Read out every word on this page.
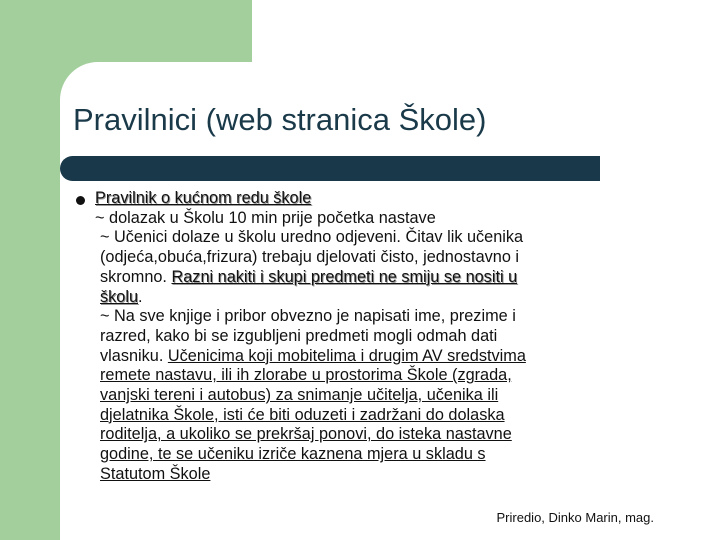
Pravilnici (web stranica Škole)
Pravilnik o kućnom redu škole
~ dolazak u Školu 10 min prije početka nastave
~ Učenici dolaze u školu uredno odjeveni. Čitav lik učenika
(odjeća,obuća,frizura) trebaju djelovati čisto, jednostavno i
skromno. Razni nakiti i skupi predmeti ne smiju se nositi u
školu.
~ Na sve knjige i pribor obvezno je napisati ime, prezime i
razred, kako bi se izgubljeni predmeti mogli odmah dati
vlasniku. Učenicima koji mobitelima i drugim AV sredstvima
remete nastavu, ili ih zlorabe u prostorima Škole (zgrada,
vanjski tereni i autobus) za snimanje učitelja, učenika ili
djelatnika Škole, isti će biti oduzeti i zadržani do dolaska
roditelja, a ukoliko se prekršaj ponovi, do isteka nastavne
godine, te se učeniku izriče kaznena mjera u skladu s
Statutom Škole
Priredio, Dinko Marin, mag.
